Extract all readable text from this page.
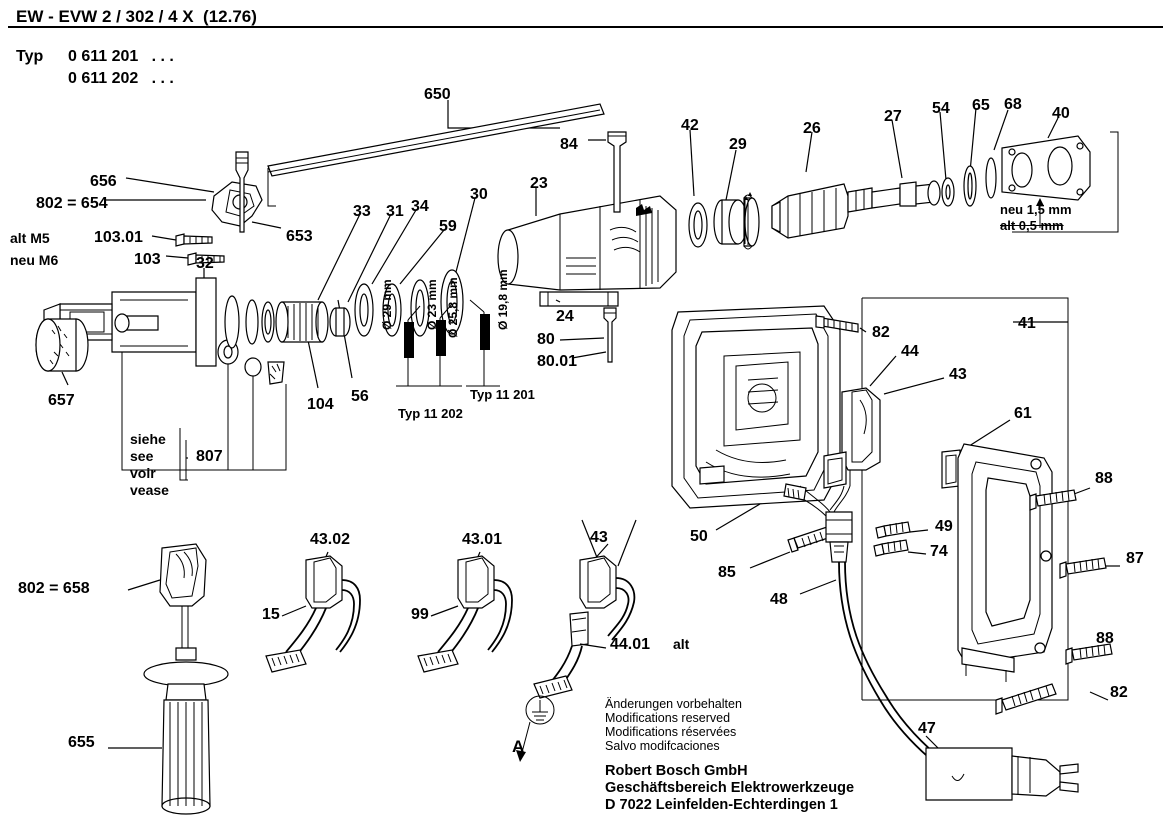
EW - EVW 2 / 302 / 4 X  (12.76)
Typ 0 611 201   . . .
0 611 202   . . .
650
84
42
29
26
27 54 65 68
40
656
802 = 654
653
103.01
103 32
33 31 34
59
30
23
24
80
80.01
657	104 56
807
41
82
44
43
61
88
87
49
74
50
85
48
88
82
47
43.02	43.01	43
15	99
44.01 alt
802 = 658
655
alt M5
neu M6
neu 1,5 mm
alt 0,5 mm
siehe
see
voir
vease
Typ 11 202
Typ 11 201
Ø 29 mm	Ø 23 mm Ø 25,8 mm	Ø 19,8 mm
A
Änderungen vorbehalten
Modifications reserved
Modifications réservées
Salvo modifcaciones
Robert Bosch GmbH
Geschäftsbereich Elektrowerkzeuge
D 7022 Leinfelden-Echterdingen 1
